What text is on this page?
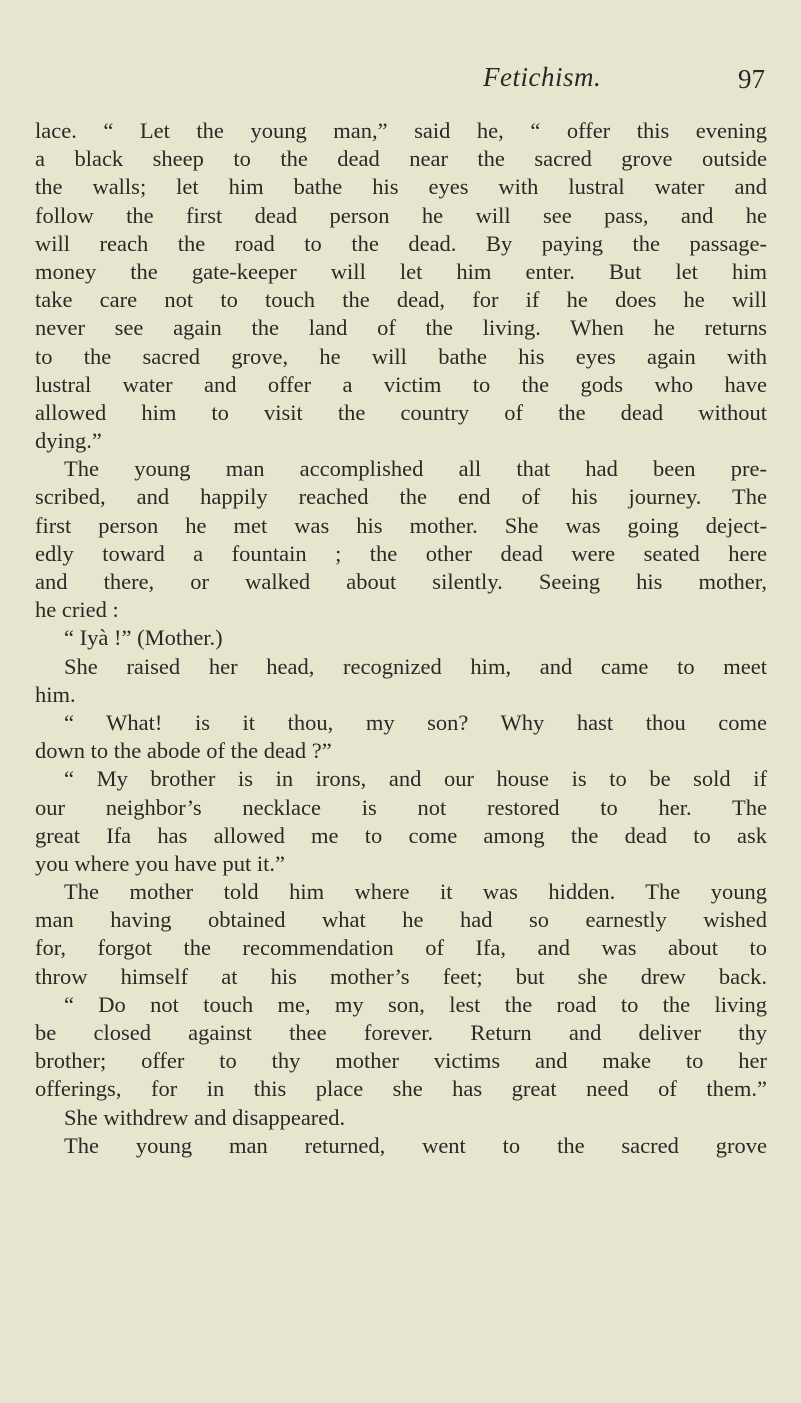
Fetichism.	97
lace. “ Let the young man,” said he, “ offer this evening
a black sheep to the dead near the sacred grove outside
the walls; let him bathe his eyes with lustral water and
follow the first dead person he will see pass, and he
will reach the road to the dead. By paying the passage-
money the gate-keeper will let him enter. But let him
take care not to touch the dead, for if he does he will
never see again the land of the living. When he returns
to the sacred grove, he will bathe his eyes again with
lustral water and offer a victim to the gods who have
allowed him to visit the country of the dead without
dying.”
The young man accomplished all that had been pre-
scribed, and happily reached the end of his journey. The
first person he met was his mother. She was going deject-
edly toward a fountain ; the other dead were seated here
and there, or walked about silently. Seeing his mother,
he cried :
“ Iyà !” (Mother.)
She raised her head, recognized him, and came to meet
him.
“ What! is it thou, my son? Why hast thou come
down to the abode of the dead ?”
“ My brother is in irons, and our house is to be sold if
our neighbor’s necklace is not restored to her. The
great Ifa has allowed me to come among the dead to ask
you where you have put it.”
The mother told him where it was hidden. The young
man having obtained what he had so earnestly wished
for, forgot the recommendation of Ifa, and was about to
throw himself at his mother’s feet; but she drew back.
“ Do not touch me, my son, lest the road to the living
be closed against thee forever. Return and deliver thy
brother; offer to thy mother victims and make to her
offerings, for in this place she has great need of them.”
She withdrew and disappeared.
The young man returned, went to the sacred grove
